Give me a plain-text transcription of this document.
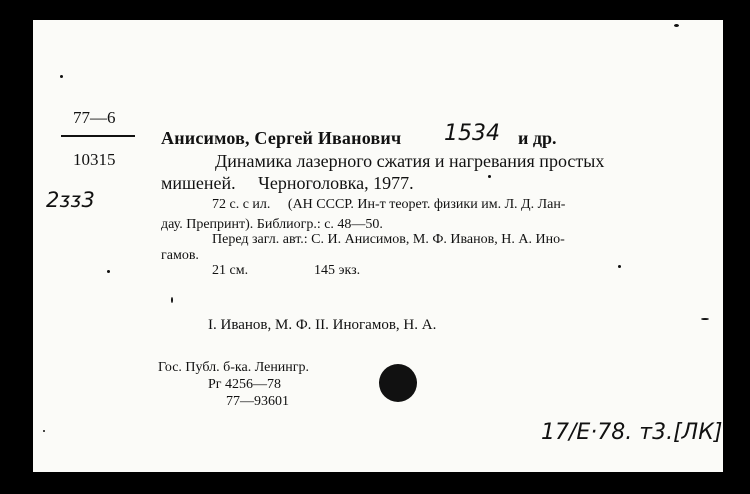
77—6
10315
2ᴣᴣ3
Анисимов, Сергей Иванович 1534 и др.
Динамика лазерного сжатия и нагревания простых
мишеней.     Черноголовка, 1977.
72 с. с ил.     (АН СССР. Ин-т теорет. физики им. Л. Д. Лан-
дау. Препринт). Библиогр.: с. 48—50.
Перед загл. авт.: С. И. Анисимов, М. Ф. Иванов, Н. А. Ино-
гамов.
21 см.	145 экз.
I. Иванов, М. Ф. II. Иногамов, Н. А.
Гос. Публ. б-ка. Ленингр.
Рг 4256—78
77—93601
17/Е·78. т3.[ЛК]
